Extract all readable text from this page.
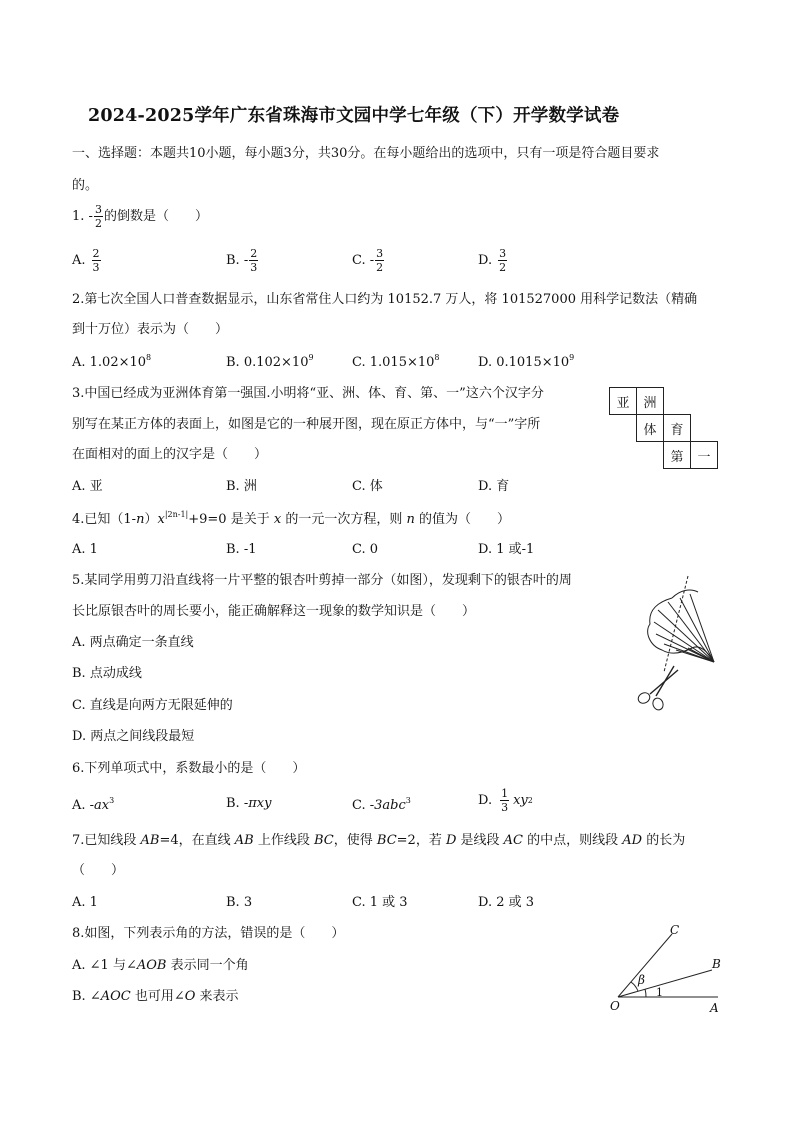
2024-2025学年广东省珠海市文园中学七年级（下）开学数学试卷
一、选择题：本题共10小题，每小题3分，共30分。在每小题给出的选项中，只有一项是符合题目要求
的。
1. - $\frac{3}{2}$ 的倒数是（　　）
A. $\frac{2}{3}$	B. - $\frac{2}{3}$	C. - $\frac{3}{2}$	D. $\frac{3}{2}$
2.第七次全国人口普查数据显示，山东省常住人口约为 10152.7 万人，将 101527000 用科学记数法（精确
到十万位）表示为（　　）
A. $1.02\times 10^8$	B. $0.102\times 10^9$	C. $1.015\times 10^8$	D. $0.1015\times 10^9$
3.中国已经成为亚洲体育第一强国.小明将“亚、洲、体、育、第、一”这六个汉字分
别写在某正方体的表面上，如图是它的一种展开图，现在原正方体中，与“一”字所
在面相对的面上的汉字是（　　）
A. 亚	B. 洲	C. 体	D. 育
亚	洲
体	育
第	一
4.已知$(1-n)x^{|2n-1|}+9=0$ 是关于 x 的一元一次方程，则 n 的值为（　　）
A. 1	B. -1	C. 0	D. 1 或-1
5.某同学用剪刀沿直线将一片平整的银杏叶剪掉一部分（如图），发现剩下的银杏叶的周
长比原银杏叶的周长要小，能正确解释这一现象的数学知识是（　　）
A. 两点确定一条直线
B. 点动成线
C. 直线是向两方无限延伸的
D. 两点之间线段最短
6.下列单项式中，系数最小的是（　　）
A. $-ax^3$	B. -πxy	C. -3abc$^3$	D. $\frac{1}{3}$ xy 2
7.已知线段 AB=4，在直线 AB 上作线段 BC，使得 BC=2，若 D 是线段 AC 的中点，则线段 AD 的长为
（　　）
A. 1	B. 3	C. 1 或 3	D. 2 或 3
8.如图，下列表示角的方法，错误的是（　　）
A. ∠1 与∠AOB 表示同一个角
B. ∠AOC 也可用∠O 来表示
C
B
O	A
β
1
